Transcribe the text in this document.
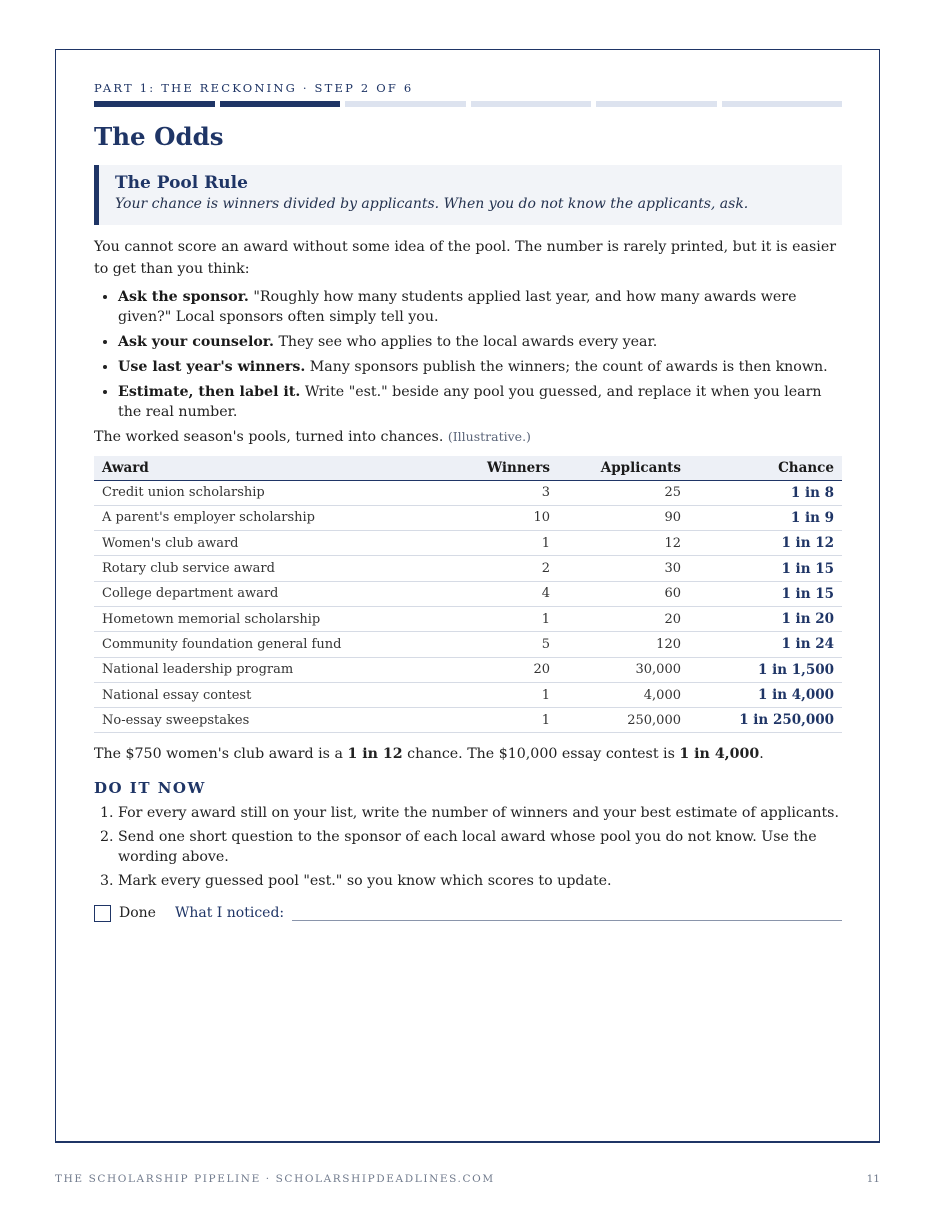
PART 1: THE RECKONING · STEP 2 OF 6
The Odds
The Pool Rule

Your chance is winners divided by applicants. When you do not know the applicants, ask.

You cannot score an award without some idea of the pool. The number is rarely printed, but it is easier to get than you think:

• Ask the sponsor. "Roughly how many students applied last year, and how many awards were given?" Local sponsors often simply tell you.
• Ask your counselor. They see who applies to the local awards every year.
• Use last year's winners. Many sponsors publish the winners; the count of awards is then known.
• Estimate, then label it. Write "est." beside any pool you guessed, and replace it when you learn the real number.

The worked season's pools, turned into chances. (Illustrative.)

Award	Winners	Applicants	Chance
Credit union scholarship	3	25	1 in 8
A parent's employer scholarship	10	90	1 in 9
Women's club award	1	12	1 in 12
Rotary club service award	2	30	1 in 15
College department award	4	60	1 in 15
Hometown memorial scholarship	1	20	1 in 20
Community foundation general fund	5	120	1 in 24
National leadership program	20	30,000	1 in 1,500
National essay contest	1	4,000	1 in 4,000
No-essay sweepstakes	1	250,000	1 in 250,000

The $750 women's club award is a 1 in 12 chance. The $10,000 essay contest is 1 in 4,000.

DO IT NOW
1. For every award still on your list, write the number of winners and your best estimate of applicants.
2. Send one short question to the sponsor of each local award whose pool you do not know. Use the wording above.
3. Mark every guessed pool "est." so you know which scores to update.
Done What I noticed:
THE SCHOLARSHIP PIPELINE · SCHOLARSHIPDEADLINES.COM	11
